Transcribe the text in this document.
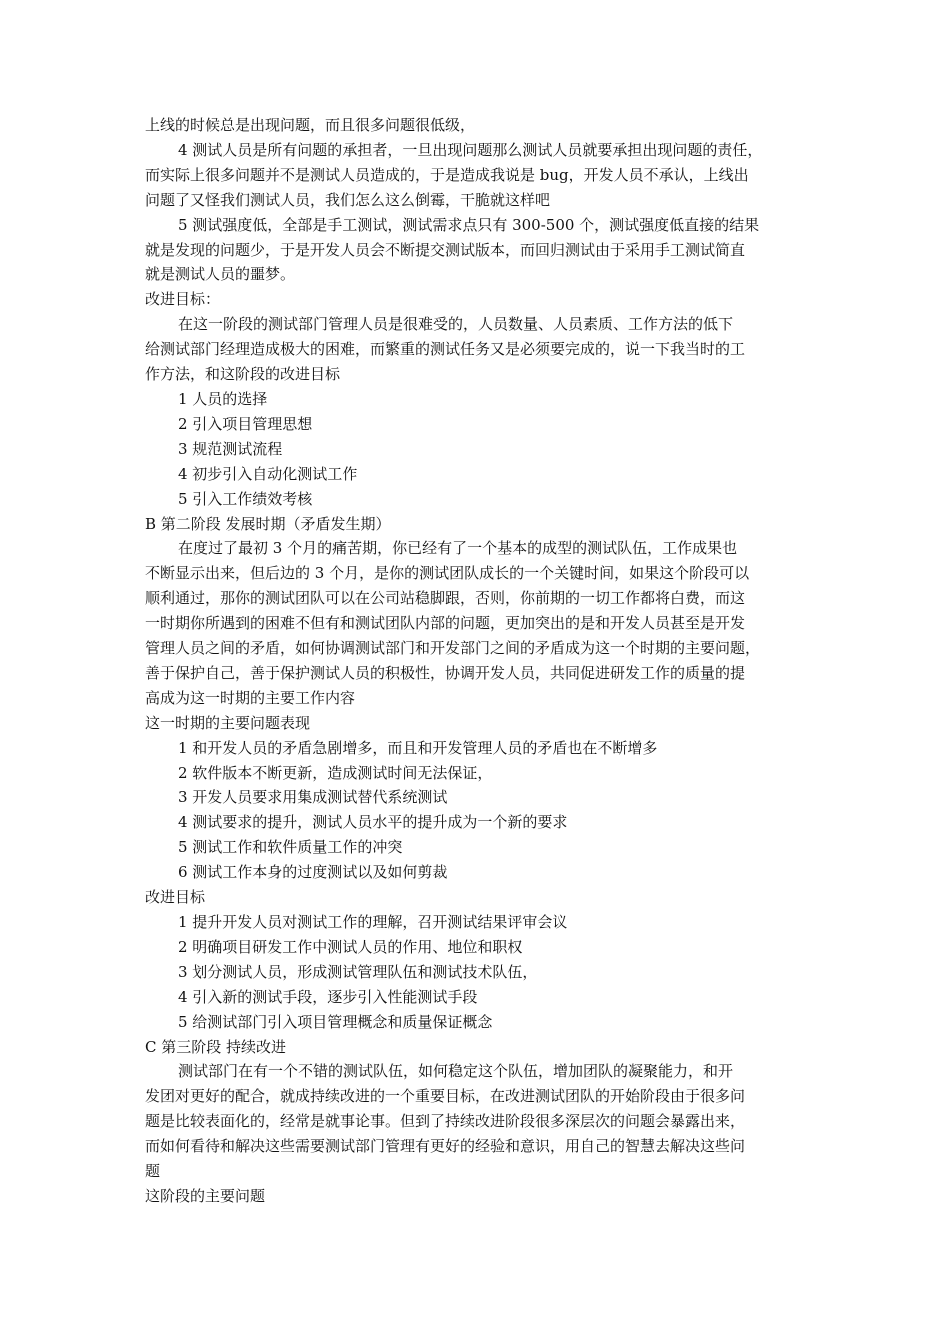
上线的时候总是出现问题，而且很多问题很低级，

4 测试人员是所有问题的承担者，一旦出现问题那么测试人员就要承担出现问题的责任，

而实际上很多问题并不是测试人员造成的，于是造成我说是 bug，开发人员不承认，上线出

问题了又怪我们测试人员，我们怎么这么倒霉，干脆就这样吧

5 测试强度低，全部是手工测试，测试需求点只有 300-500 个，测试强度低直接的结果

就是发现的问题少，于是开发人员会不断提交测试版本，而回归测试由于采用手工测试简直

就是测试人员的噩梦。

改进目标：

在这一阶段的测试部门管理人员是很难受的，人员数量、人员素质、工作方法的低下

给测试部门经理造成极大的困难，而繁重的测试任务又是必须要完成的，说一下我当时的工

作方法，和这阶段的改进目标

1 人员的选择

2 引入项目管理思想

3 规范测试流程

4 初步引入自动化测试工作

5 引入工作绩效考核

B 第二阶段 发展时期（矛盾发生期）

在度过了最初 3 个月的痛苦期，你已经有了一个基本的成型的测试队伍，工作成果也

不断显示出来，但后边的 3 个月，是你的测试团队成长的一个关键时间，如果这个阶段可以

顺利通过，那你的测试团队可以在公司站稳脚跟，否则，你前期的一切工作都将白费，而这

一时期你所遇到的困难不但有和测试团队内部的问题，更加突出的是和开发人员甚至是开发

管理人员之间的矛盾，如何协调测试部门和开发部门之间的矛盾成为这一个时期的主要问题，

善于保护自己，善于保护测试人员的积极性，协调开发人员，共同促进研发工作的质量的提

高成为这一时期的主要工作内容

这一时期的主要问题表现

1 和开发人员的矛盾急剧增多，而且和开发管理人员的矛盾也在不断增多

2 软件版本不断更新，造成测试时间无法保证，

3 开发人员要求用集成测试替代系统测试

4 测试要求的提升，测试人员水平的提升成为一个新的要求

5 测试工作和软件质量工作的冲突

6 测试工作本身的过度测试以及如何剪裁

改进目标

1 提升开发人员对测试工作的理解，召开测试结果评审会议

2 明确项目研发工作中测试人员的作用、地位和职权

3 划分测试人员，形成测试管理队伍和测试技术队伍，

4 引入新的测试手段，逐步引入性能测试手段

5 给测试部门引入项目管理概念和质量保证概念

C 第三阶段 持续改进

测试部门在有一个不错的测试队伍，如何稳定这个队伍，增加团队的凝聚能力，和开

发团对更好的配合，就成持续改进的一个重要目标，在改进测试团队的开始阶段由于很多问

题是比较表面化的，经常是就事论事。但到了持续改进阶段很多深层次的问题会暴露出来，

而如何看待和解决这些需要测试部门管理有更好的经验和意识，用自己的智慧去解决这些问

题

这阶段的主要问题
